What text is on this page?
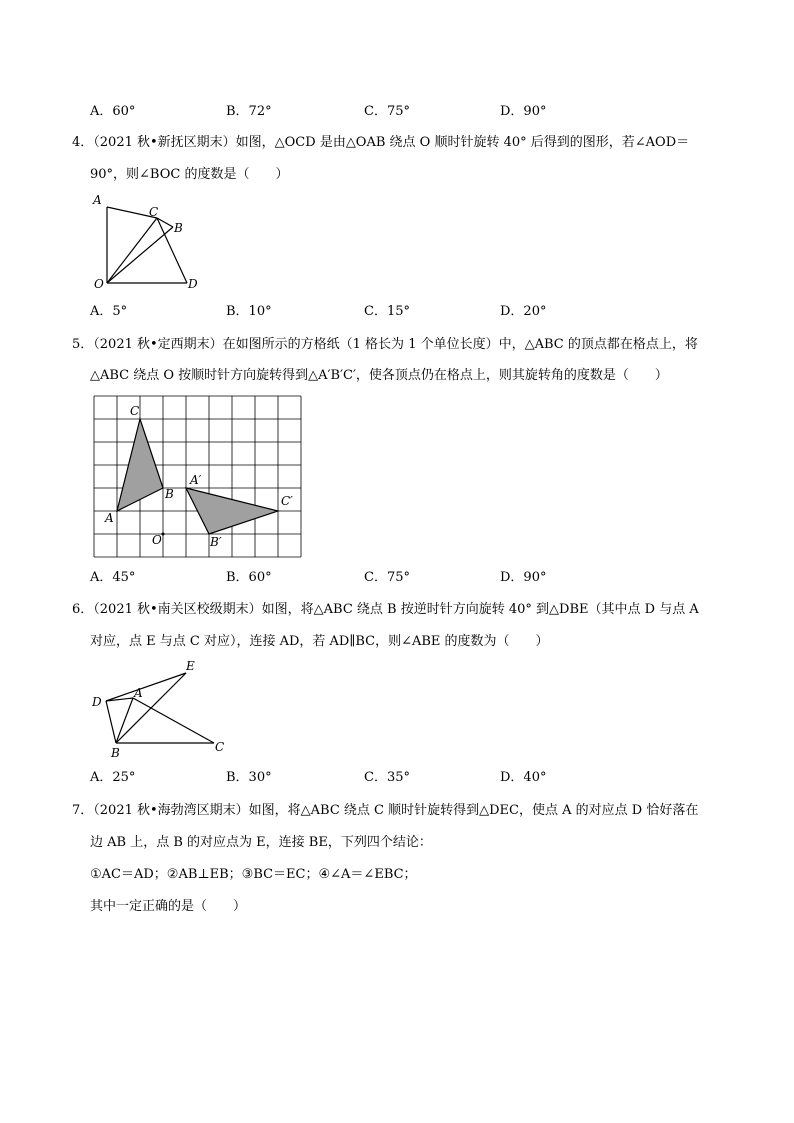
A．60°	B．72°	C．75°	D．90°
4．（2021 秋•新抚区期末）如图，△OCD 是由△OAB 绕点 O 顺时针旋转 40° 后得到的图形，若∠AOD＝
90°，则∠BOC 的度数是（　　）
A
C
B
O	D
A．5°	B．10°	C．15°	D．20°
5．（2021 秋•定西期末）在如图所示的方格纸（1 格长为 1 个单位长度）中，△ABC 的顶点都在格点上，将
△ABC 绕点 O 按顺时针方向旋转得到△A′B′C′，使各顶点仍在格点上，则其旋转角的度数是（　　）
C
B
A
O
A′
C′
B′
A．45°	B．60°	C．75°	D．90°
6．（2021 秋•南关区校级期末）如图，将△ABC 绕点 B 按逆时针方向旋转 40° 到△DBE（其中点 D 与点 A
对应，点 E 与点 C 对应），连接 AD，若 AD∥BC，则∠ABE 的度数为（　　）
E
D
A
B	C
A．25°	B．30°	C．35°	D．40°
7．（2021 秋•海勃湾区期末）如图，将△ABC 绕点 C 顺时针旋转得到△DEC，使点 A 的对应点 D 恰好落在
边 AB 上，点 B 的对应点为 E，连接 BE，下列四个结论：
①AC＝AD；②AB⊥EB；③BC＝EC；④∠A＝∠EBC；
其中一定正确的是（　　）
